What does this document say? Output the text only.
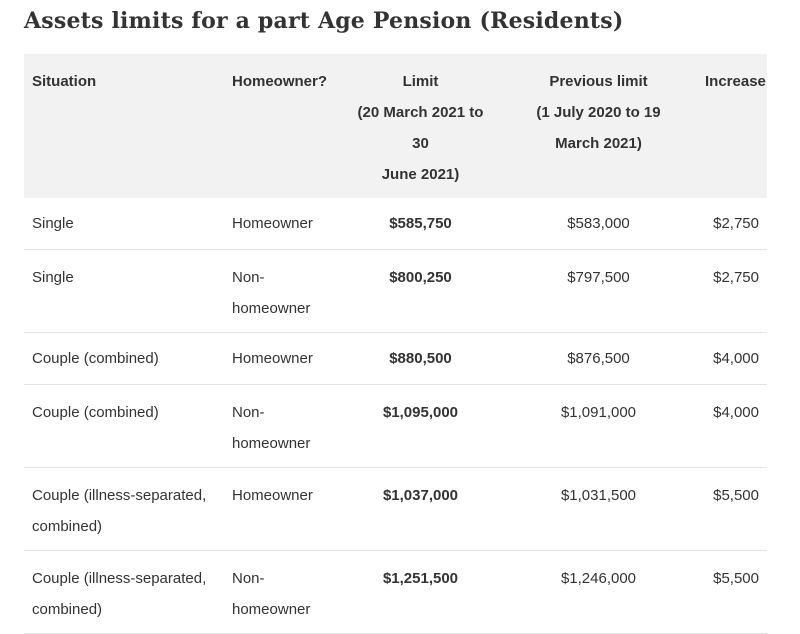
Assets limits for a part Age Pension (Residents)
Situation	Homeowner?	Limit
(20 March 2021 to 30
June 2021)	Previous limit
(1 July 2020 to 19
March 2021)	Increase

Single	Homeowner	$585,750	$583,000	$2,750

Single	Non-
homeowner	$800,250	$797,500	$2,750

Couple (combined)	Homeowner	$880,500	$876,500	$4,000

Couple (combined)	Non-
homeowner	$1,095,000	$1,091,000	$4,000

Couple (illness-separated,
combined)	Homeowner	$1,037,000	$1,031,500	$5,500

Couple (illness-separated,
combined)	Non-
homeowner	$1,251,500	$1,246,000	$5,500
